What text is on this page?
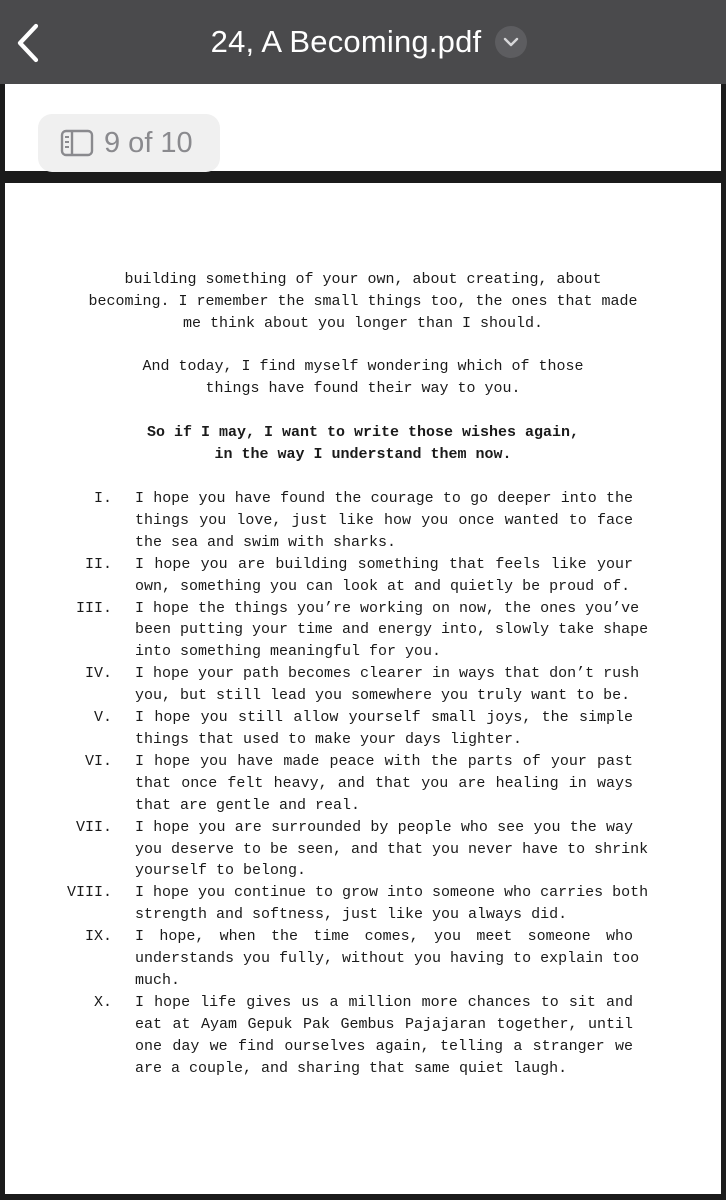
24, A Becoming.pdf
9 of 10

building something of your own, about creating, about
becoming. I remember the small things too, the ones that made
me think about you longer than I should.

And today, I find myself wondering which of those
things have found their way to you.

So if I may, I want to write those wishes again,
in the way I understand them now.

I. I hope you have found the courage to go deeper into the
things you love, just like how you once wanted to face
the sea and swim with sharks.
II. I hope you are building something that feels like your
own, something you can look at and quietly be proud of.
III. I hope the things you’re working on now, the ones you’ve
been putting your time and energy into, slowly take shape
into something meaningful for you.
IV. I hope your path becomes clearer in ways that don’t rush
you, but still lead you somewhere you truly want to be.
V. I hope you still allow yourself small joys, the simple
things that used to make your days lighter.
VI. I hope you have made peace with the parts of your past
that once felt heavy, and that you are healing in ways
that are gentle and real.
VII. I hope you are surrounded by people who see you the way
you deserve to be seen, and that you never have to shrink
yourself to belong.
VIII. I hope you continue to grow into someone who carries both
strength and softness, just like you always did.
IX. I hope, when the time comes, you meet someone who
understands you fully, without you having to explain too
much.
X. I hope life gives us a million more chances to sit and
eat at Ayam Gepuk Pak Gembus Pajajaran together, until
one day we find ourselves again, telling a stranger we
are a couple, and sharing that same quiet laugh.
